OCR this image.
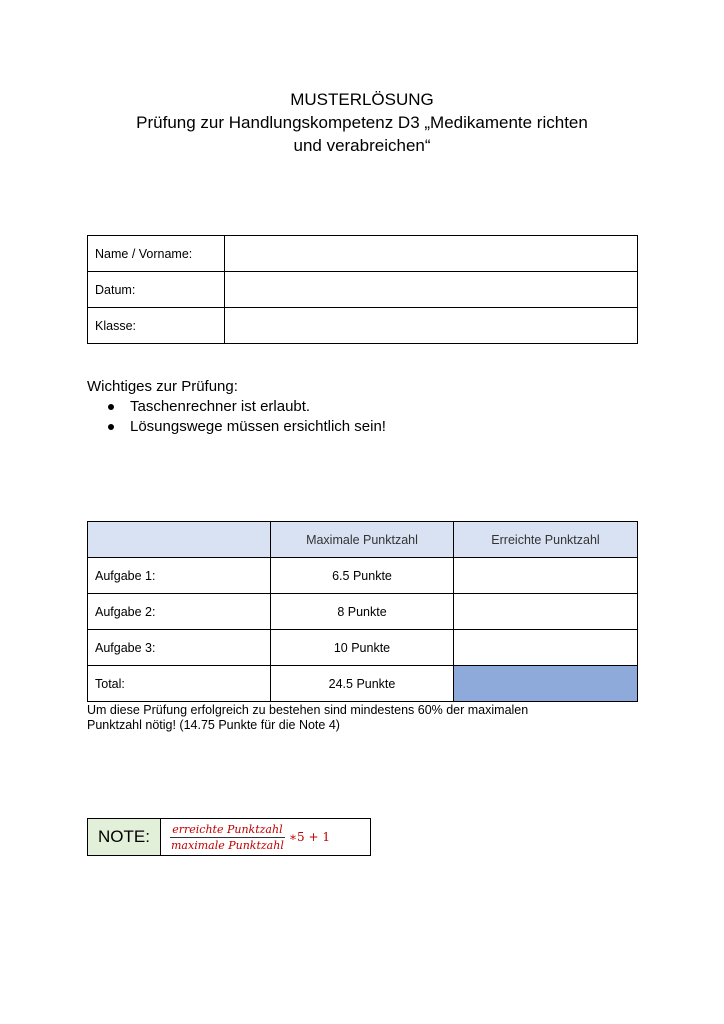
MUSTERLÖSUNG
Prüfung zur Handlungskompetenz D3 „Medikamente richten
und verabreichen“
Name / Vorname:	
Datum:	
Klasse:	
Wichtiges zur Prüfung:
Taschenrechner ist erlaubt.
Lösungswege müssen ersichtlich sein!
	Maximale Punktzahl	Erreichte Punktzahl
Aufgabe 1:	6.5 Punkte	
Aufgabe 2:	8 Punkte	
Aufgabe 3:	10 Punkte	
Total:	24.5 Punkte	
Um diese Prüfung erfolgreich zu bestehen sind mindestens 60% der maximalen
Punktzahl nötig! (14.75 Punkte für die Note 4)
NOTE:	$\frac{\text{erreichte Punktzahl}}{\text{maximale Punktzahl}}$ ∗5 + 1
